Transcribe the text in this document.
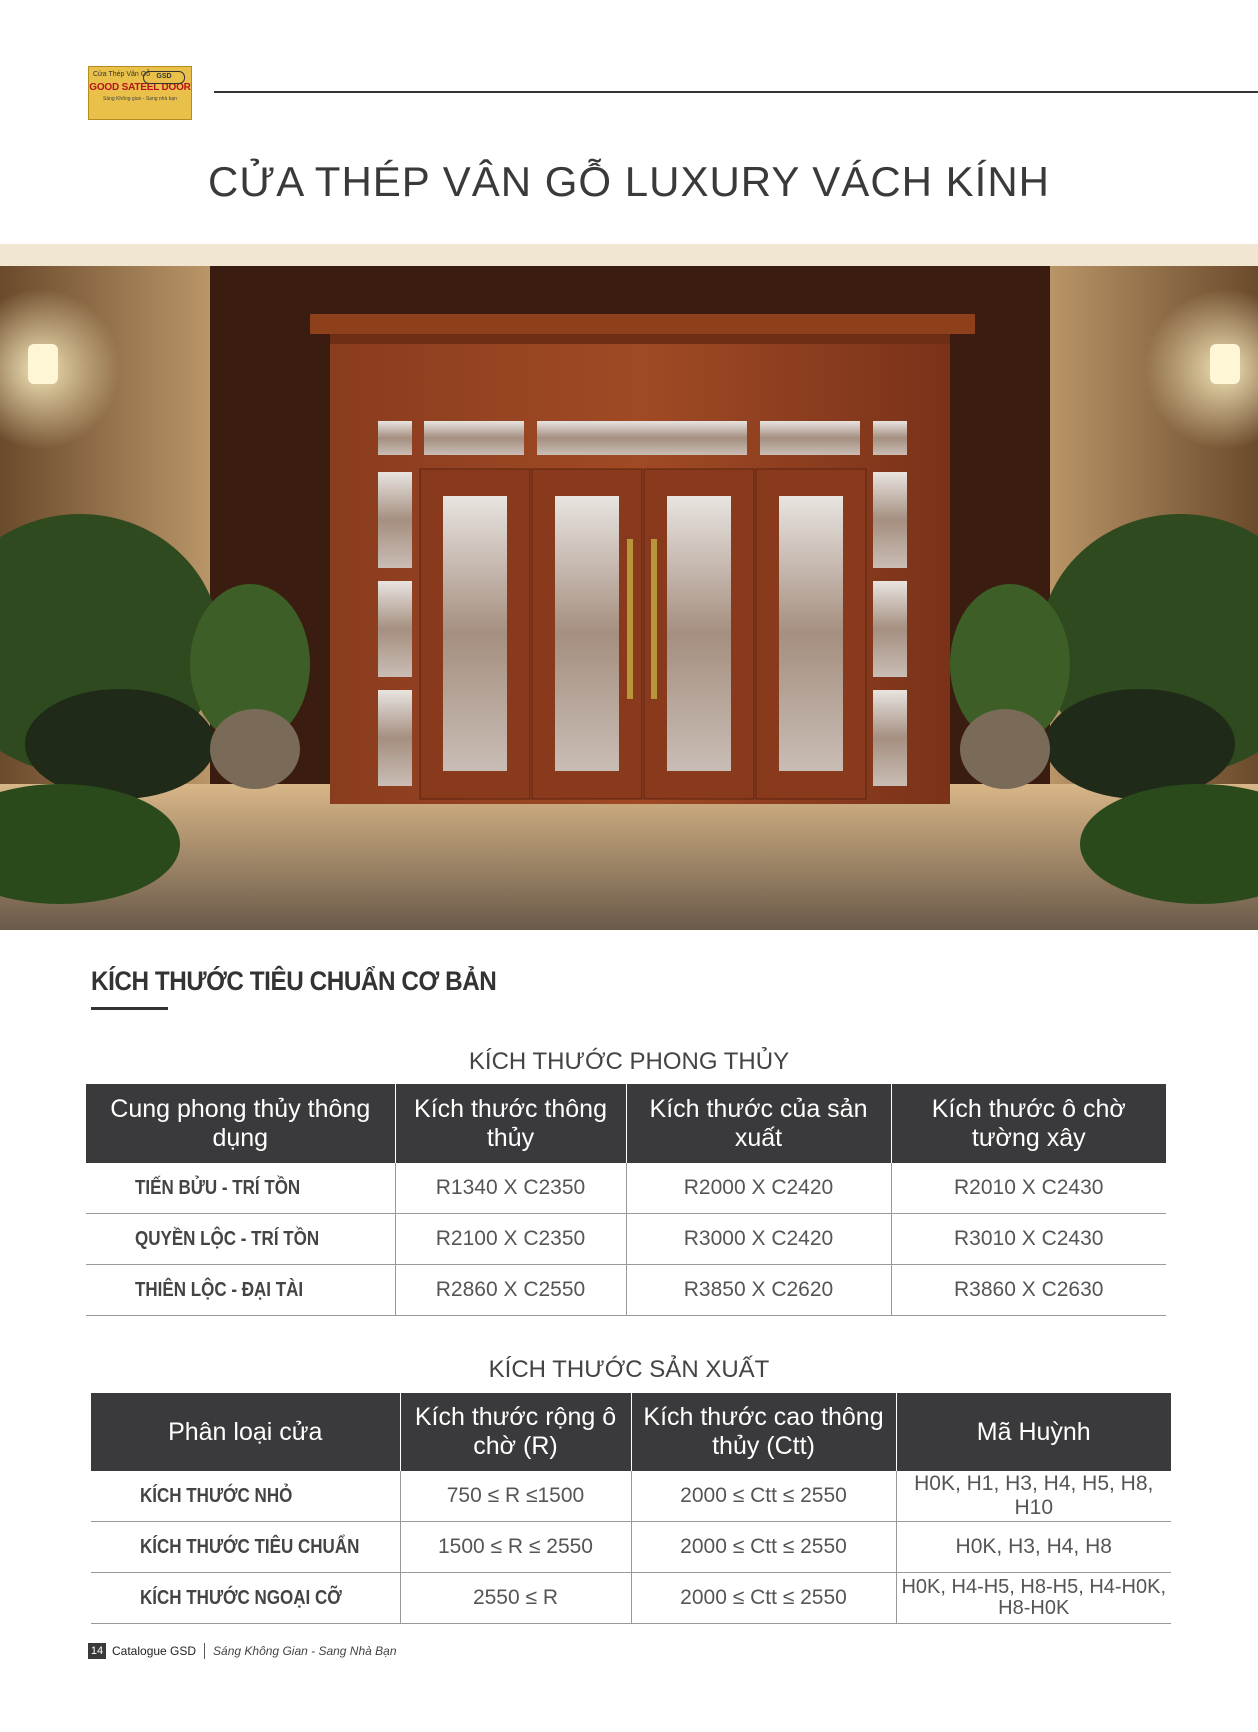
Cửa Thép Vân Gỗ GSD
GOOD SATEEL DOOR
Sáng Không gian - Sang nhà bạn
CỬA THÉP VÂN GỖ LUXURY VÁCH KÍNH
KÍCH THƯỚC TIÊU CHUẨN CƠ BẢN
KÍCH THƯỚC PHONG THỦY
Cung phong thủy thông dụng	Kích thước thông thủy	Kích thước của sản xuất	Kích thước ô chờ tường xây
TIẾN BỬU - TRÍ TỒN	R1340 X C2350	R2000 X C2420	R2010 X C2430
QUYỀN LỘC - TRÍ TỒN	R2100 X C2350	R3000 X C2420	R3010 X C2430
THIÊN LỘC - ĐẠI TÀI	R2860 X C2550	R3850 X C2620	R3860 X C2630
KÍCH THƯỚC SẢN XUẤT
Phân loại cửa	Kích thước rộng ô chờ (R)	Kích thước cao thông thủy (Ctt)	Mã Huỳnh
KÍCH THƯỚC NHỎ	750 ≤ R ≤1500	2000 ≤ Ctt ≤ 2550	H0K, H1, H3, H4, H5, H8, H10
KÍCH THƯỚC TIÊU CHUẨN	1500 ≤ R ≤ 2550	2000 ≤ Ctt ≤ 2550	H0K, H3, H4, H8
KÍCH THƯỚC NGOẠI CỠ	2550 ≤ R	2000 ≤ Ctt ≤ 2550	H0K, H4-H5, H8-H5, H4-H0K, H8-H0K
14 Catalogue GSD Sáng Không Gian - Sang Nhà Bạn
